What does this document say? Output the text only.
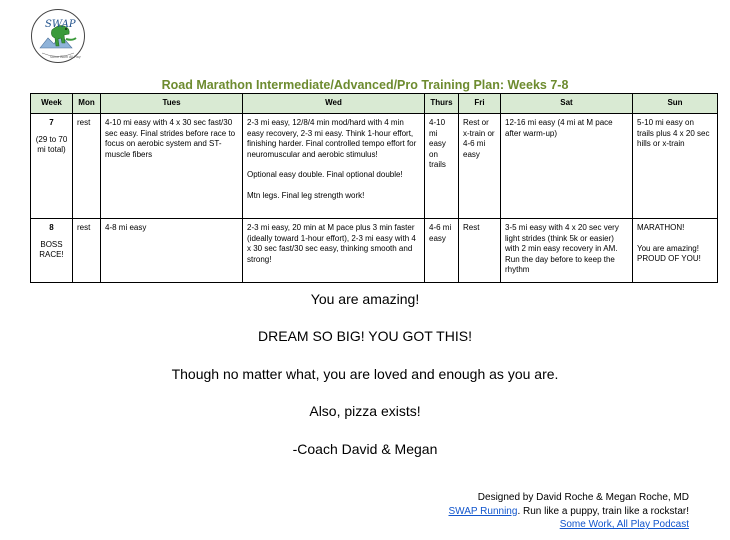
SWAP
Some Work All Play
Road Marathon Intermediate/Advanced/Pro Training Plan: Weeks 7-8
Week	Mon	Tues	Wed	Thurs	Fri	Sat	Sun

7
(29 to 70 mi total)	rest	4-10 mi easy with 4 x 30 sec fast/30 sec easy. Final strides before race to focus on aerobic system and ST-muscle fibers	2-3 mi easy, 12/8/4 min mod/hard with 4 min easy recovery, 2-3 mi easy. Think 1-hour effort, finishing harder. Final controlled tempo effort for neuromuscular and aerobic stimulus!
Optional easy double. Final optional double!
Mtn legs. Final leg strength work!	4-10 mi easy on trails	Rest or x-train or 4-6 mi easy	12-16 mi easy (4 mi at M pace after warm-up)	5-10 mi easy on trails plus 4 x 20 sec hills or x-train

8
BOSS RACE!	rest	4-8 mi easy	2-3 mi easy, 20 min at M pace plus 3 min faster (ideally toward 1-hour effort), 2-3 mi easy with 4 x 30 sec fast/30 sec easy, thinking smooth and strong!	4-6 mi easy	Rest	3-5 mi easy with 4 x 20 sec very light strides (think 5k or easier) with 2 min easy recovery in AM. Run the day before to keep the rhythm	MARATHON!
You are amazing! PROUD OF YOU!
You are amazing!
DREAM SO BIG! YOU GOT THIS!
Though no matter what, you are loved and enough as you are.
Also, pizza exists!
-Coach David & Megan
Designed by David Roche & Megan Roche, MD
SWAP Running. Run like a puppy, train like a rockstar!
Some Work, All Play Podcast
